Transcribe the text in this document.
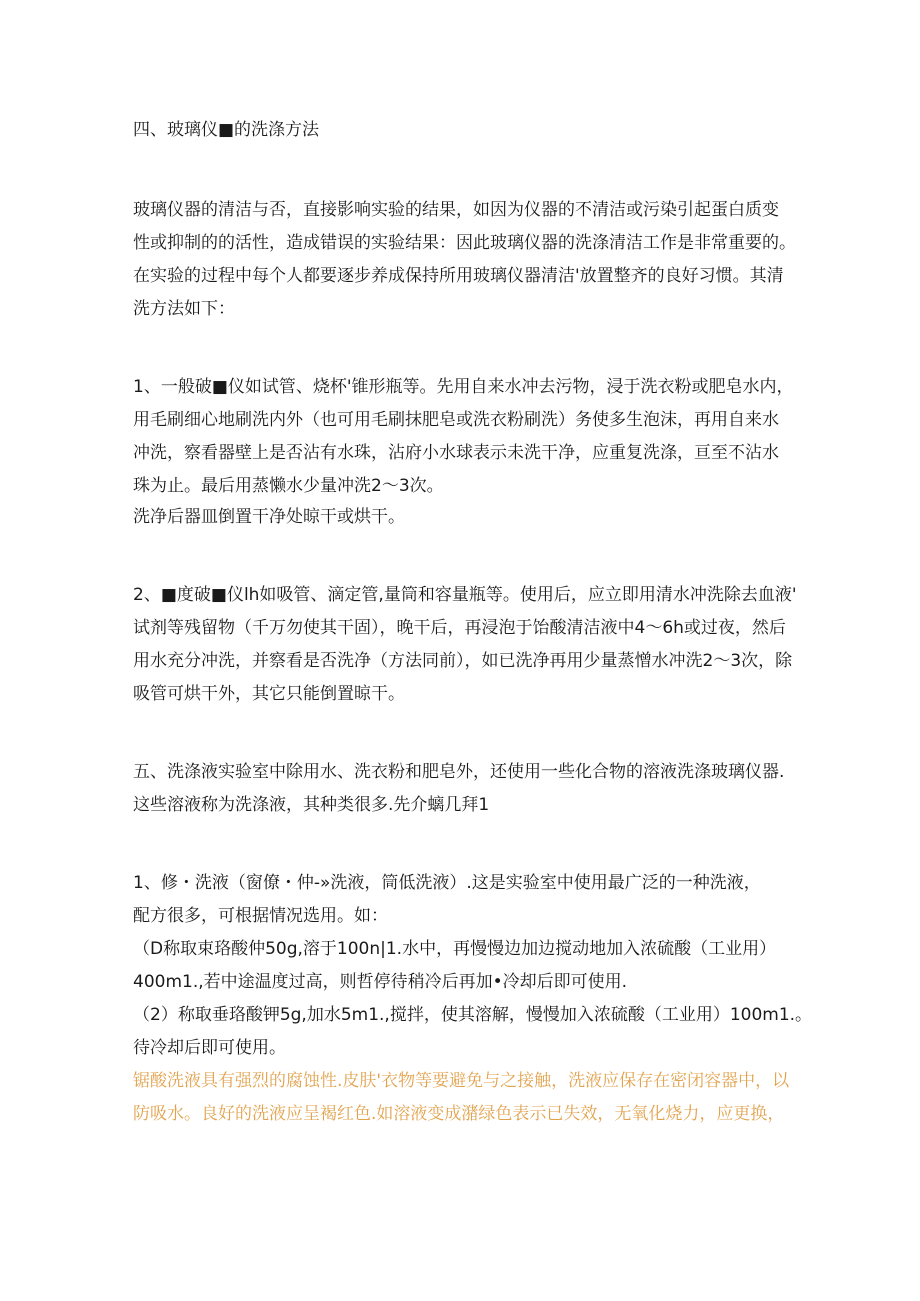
四、玻璃仪■的洗涤方法
玻璃仪器的清洁与否，直接影响实验的结果，如因为仪器的不清洁或污染引起蛋白质变
性或抑制的的活性，造成错误的实验结果：因此玻璃仪器的洗涤清洁工作是非常重要的。
在实验的过程中每个人都要逐步养成保持所用玻璃仪器清洁'放置整齐的良好习惯。其清
洗方法如下：
1、一般破■仪如试管、烧杯'锥形瓶等。先用自来水冲去污物，浸于洗衣粉或肥皂水内，
用毛刷细心地刷洗内外（也可用毛刷抹肥皂或洗衣粉刷洗）务使多生泡沫，再用自来水
冲洗，察看器壁上是否沾有水珠，沾府小水球表示未洗干净，应重复洗涤，亘至不沾水
珠为止。最后用蒸懒水少量冲洗2〜3次。
洗净后器皿倒置干净处晾干或烘干。
2、■度破■仪lh如吸管、滴定管,量筒和容量瓶等。使用后，应立即用清水冲洗除去血液'
试剂等残留物（千万勿使其干固），晚干后，再浸泡于饴酸清洁液中4〜6h或过夜，然后
用水充分冲洗，并察看是否洗净（方法同前），如已洗净再用少量蒸憎水冲洗2〜3次，除
吸管可烘干外，其它只能倒置晾干。
五、洗涤液实验室中除用水、洗衣粉和肥皂外，还使用一些化合物的溶液洗涤玻璃仪器.
这些溶液称为洗涤液，其种类很多.先介螭几拜1
1、修・洗液（窗僚・仲-»洗液，筒低洗液）.这是实验室中使用最广泛的一种洗液，
配方很多，可根据情况选用。如：
（D称取束珞酸仲50g,溶于100n|1.水中，再慢慢边加边搅动地加入浓硫酸（工业用）
400m1.,若中途温度过高，则哲停待稍冷后再加•冷却后即可使用.
（2）称取垂珞酸钾5g,加水5m1.,搅拌，使其溶解，慢慢加入浓硫酸（工业用）100m1.。
待冷却后即可使用。
锯酸洗液具有强烈的腐蚀性.皮肤'衣物等要避免与之接触，洗液应保存在密闭容器中，以
防吸水。良好的洗液应呈褐红色.如溶液变成潴绿色表示已失效，无氧化烧力，应更换，
